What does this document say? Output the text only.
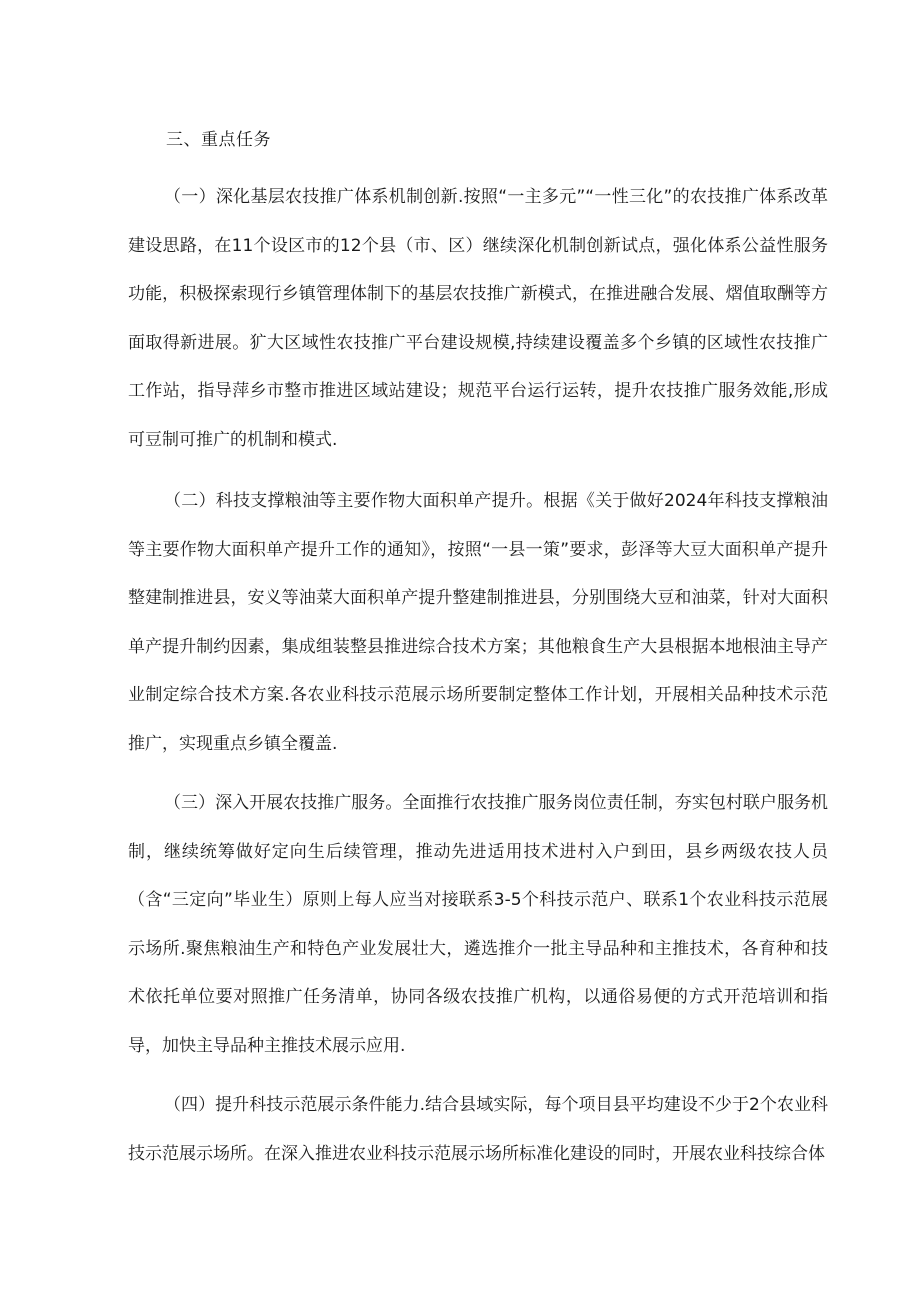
三、重点任务

（一）深化基层农技推广体系机制创新.按照“一主多元”“一性三化”的农技推广体系改革建设思路，在11个设区市的12个县（市、区）继续深化机制创新试点，强化体系公益性服务功能，积极探索现行乡镇管理体制下的基层农技推广新模式，在推进融合发展、熠值取酬等方面取得新进展。犷大区域性农技推广平台建设规模,持续建设覆盖多个乡镇的区域性农技推广工作站，指导萍乡市整市推进区域站建设；规范平台运行运转，提升农技推广服务效能,形成可豆制可推广的机制和模式.

（二）科技支撑粮油等主要作物大面积单产提升。根据《关于做好2024年科技支撑粮油等主要作物大面积单产提升工作的通知》，按照“一县一策”要求，彭泽等大豆大面积单产提升整建制推进县，安义等油菜大面积单产提升整建制推进县，分别围绕大豆和油菜，针对大面积单产提升制约因素，集成组装整县推进综合技术方案；其他粮食生产大县根据本地根油主导产业制定综合技术方案.各农业科技示范展示场所要制定整体工作计划，开展相关品种技术示范推广，实现重点乡镇全覆盖.

（三）深入开展农技推广服务。全面推行农技推广服务岗位责任制，夯实包村联户服务机制，继续统筹做好定向生后续管理，推动先进适用技术进村入户到田，县乡两级农技人员（含“三定向”毕业生）原则上每人应当对接联系3-5个科技示范户、联系1个农业科技示范展示场所.聚焦粮油生产和特色产业发展壮大，遴选推介一批主导品种和主推技术，各育种和技术依托单位要对照推广任务清单，协同各级农技推广机构，以通俗易便的方式开范培训和指导，加快主导品种主推技术展示应用.

（四）提升科技示范展示条件能力.结合县域实际，每个项目县平均建设不少于2个农业科技示范展示场所。在深入推进农业科技示范展示场所标准化建设的同时，开展农业科技综合体
